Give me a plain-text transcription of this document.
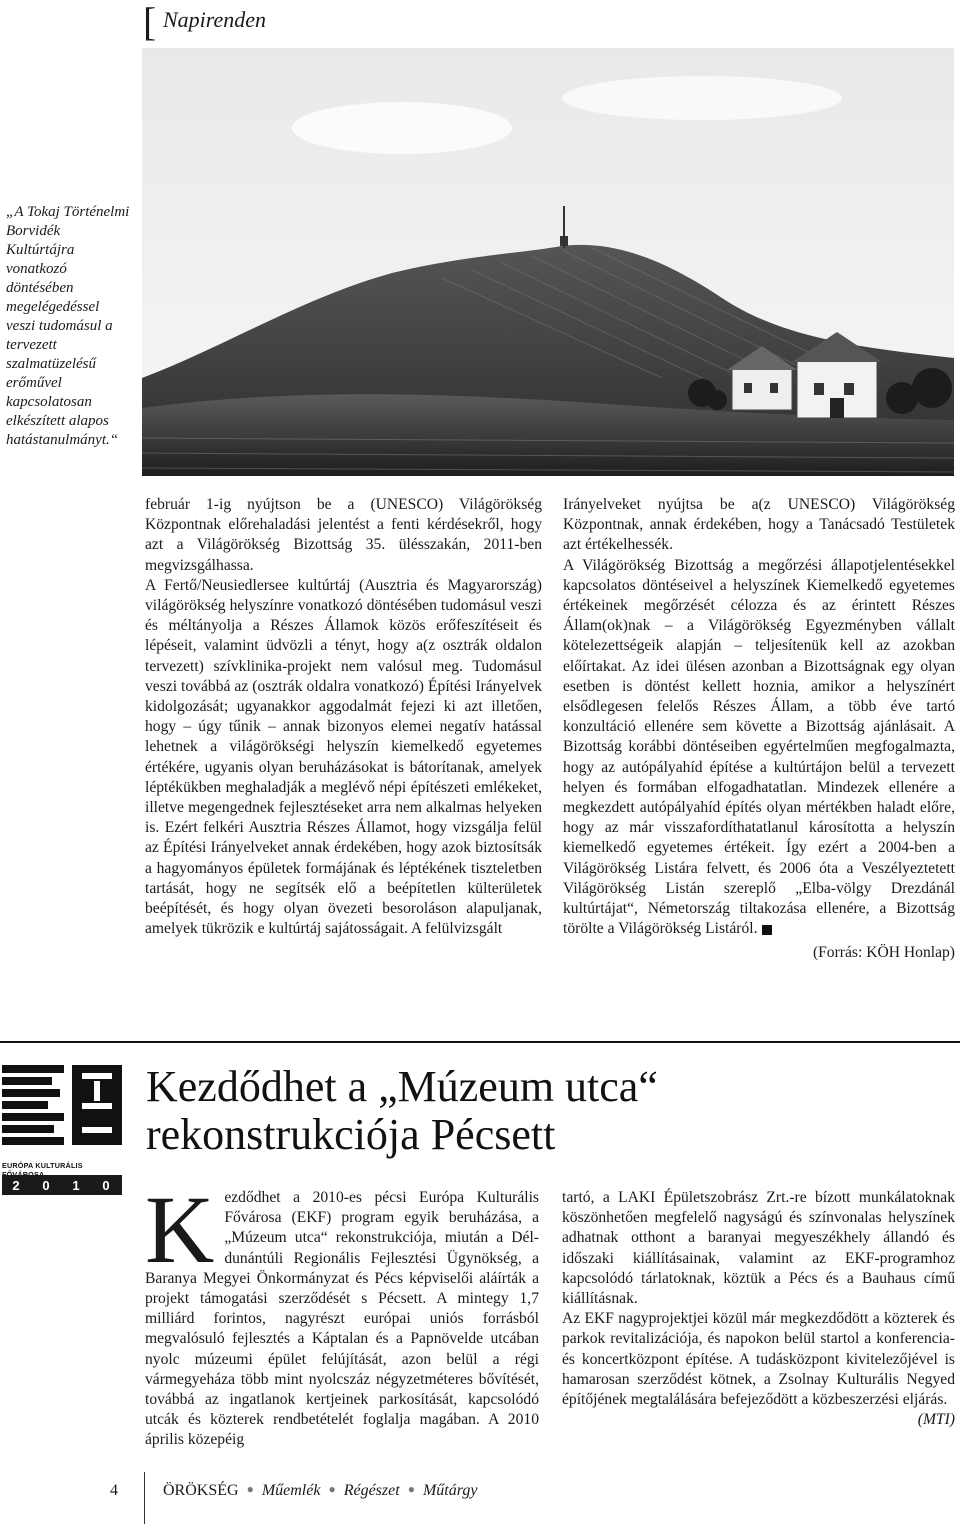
[ Napirenden
„A Tokaj Történelmi Borvidék Kultúrtájra vonatkozó döntésében megelégedéssel veszi tudomásul a tervezett szalmatüzelésű erőművel kapcsolatosan elkészített alapos hatástanulmányt.“

február 1-ig nyújtson be a (UNESCO) Világörökség Központnak előrehaladási jelentést a fenti kérdésekről, hogy azt a Világörökség Bizottság 35. ülésszakán, 2011-ben megvizsgálhassa.

A Fertő/Neusiedlersee kultúrtáj (Ausztria és Magyarország) világörökség helyszínre vonatkozó döntésében tudomásul veszi és méltányolja a Részes Államok közös erőfeszítéseit és lépéseit, valamint üdvözli a tényt, hogy a(z osztrák oldalon tervezett) szívklinika-projekt nem valósul meg. Tudomásul veszi továbbá az (osztrák oldalra vonatkozó) Építési Irányelvek kidolgozását; ugyanakkor aggodalmát fejezi ki azt illetően, hogy – úgy tűnik – annak bizonyos elemei negatív hatással lehetnek a világörökségi helyszín kiemelkedő egyetemes értékére, ugyanis olyan beruházásokat is bátorítanak, amelyek léptékükben meghaladják a meglévő népi építészeti emlékeket, illetve megengednek fejlesztéseket arra nem alkalmas helyeken is. Ezért felkéri Ausztria Részes Államot, hogy vizsgálja felül az Építési Irányelveket annak érdekében, hogy azok biztosítsák a hagyományos épületek formájának és léptékének tiszteletben tartását, hogy ne segítsék elő a beépítetlen külterületek beépítését, és hogy olyan övezeti besoroláson alapuljanak, amelyek tükrözik e kultúrtáj sajátosságait. A felülvizsgált

Irányelveket nyújtsa be a(z UNESCO) Világörökség Központnak, annak érdekében, hogy a Tanácsadó Testületek azt értékelhessék.

A Világörökség Bizottság a megőrzési állapotjelentésekkel kapcsolatos döntéseivel a helyszínek Kiemelkedő egyetemes értékeinek megőrzését célozza és az érintett Részes Állam(ok)nak – a Világörökség Egyezményben vállalt kötelezettségeik alapján – teljesítenük kell az azokban előírtakat. Az idei ülésen azonban a Bizottságnak egy olyan esetben is döntést kellett hoznia, amikor a helyszínért elsődlegesen felelős Részes Állam, a több éve tartó konzultáció ellenére sem követte a Bizottság ajánlásait. A Bizottság korábbi döntéseiben egyértelműen megfogalmazta, hogy az autópályahíd építése a kultúrtájon belül a tervezett helyen és formában elfogadhatatlan. Mindezek ellenére a megkezdett autópályahíd építés olyan mértékben haladt előre, hogy az már visszafordíthatatlanul károsította a helyszín kiemelkedő egyetemes értékeit. Így ezért a 2004-ben a Világörökség Listára felvett, és 2006 óta a Veszélyeztetett Világörökség Listán szereplő „Elba-völgy Drezdánál kultúrtájat“, Németország tiltakozása ellenére, a Bizottság törölte a Világörökség Listáról.

(Forrás: KÖH Honlap)

EURÓPA KULTURÁLIS
2 0 1 0
Kezdődhet a „Múzeum utca“
rekonstrukciója Pécsett

Kezdődhet a 2010-es pécsi Európa Kulturális Fővárosa (EKF) program egyik beruházása, a „Múzeum utca“ rekonstrukciója, miután a Dél-dunántúli Regionális Fejlesztési Ügynökség, a Baranya Megyei Önkormányzat és Pécs képviselői aláírták a projekt támogatási szerződését s Pécsett. A mintegy 1,7 milliárd forintos, nagyrészt európai uniós forrásból megvalósuló fejlesztés a Káptalan és a Papnövelde utcában nyolc múzeumi épület felújítását, azon belül a régi vármegyeháza több mint nyolcszáz négyzetméteres bővítését, továbbá az ingatlanok kertjeinek parkosítását, kapcsolódó utcák és közterek rendbetételét foglalja magában. A 2010 április közepéig

tartó, a LAKI Épületszobrász Zrt.-re bízott munkálatoknak köszönhetően megfelelő nagyságú és színvonalas helyszínek adhatnak otthont a baranyai megyeszékhely állandó és időszaki kiállításainak, valamint az EKF-programhoz kapcsolódó tárlatoknak, köztük a Pécs és a Bauhaus című kiállításnak.

Az EKF nagyprojektjei közül már megkezdődött a közterek és parkok revitalizációja, és napokon belül startol a konferencia- és koncertközpont építése. A tudásközpont kivitelezőjével is hamarosan szerződést kötnek, a Zsolnay Kulturális Negyed építőjének megtalálására befejeződött a közbeszerzési eljárás.
(MTI)

4	ÖRÖKSÉG ● Műemlék ● Régészet ● Műtárgy
